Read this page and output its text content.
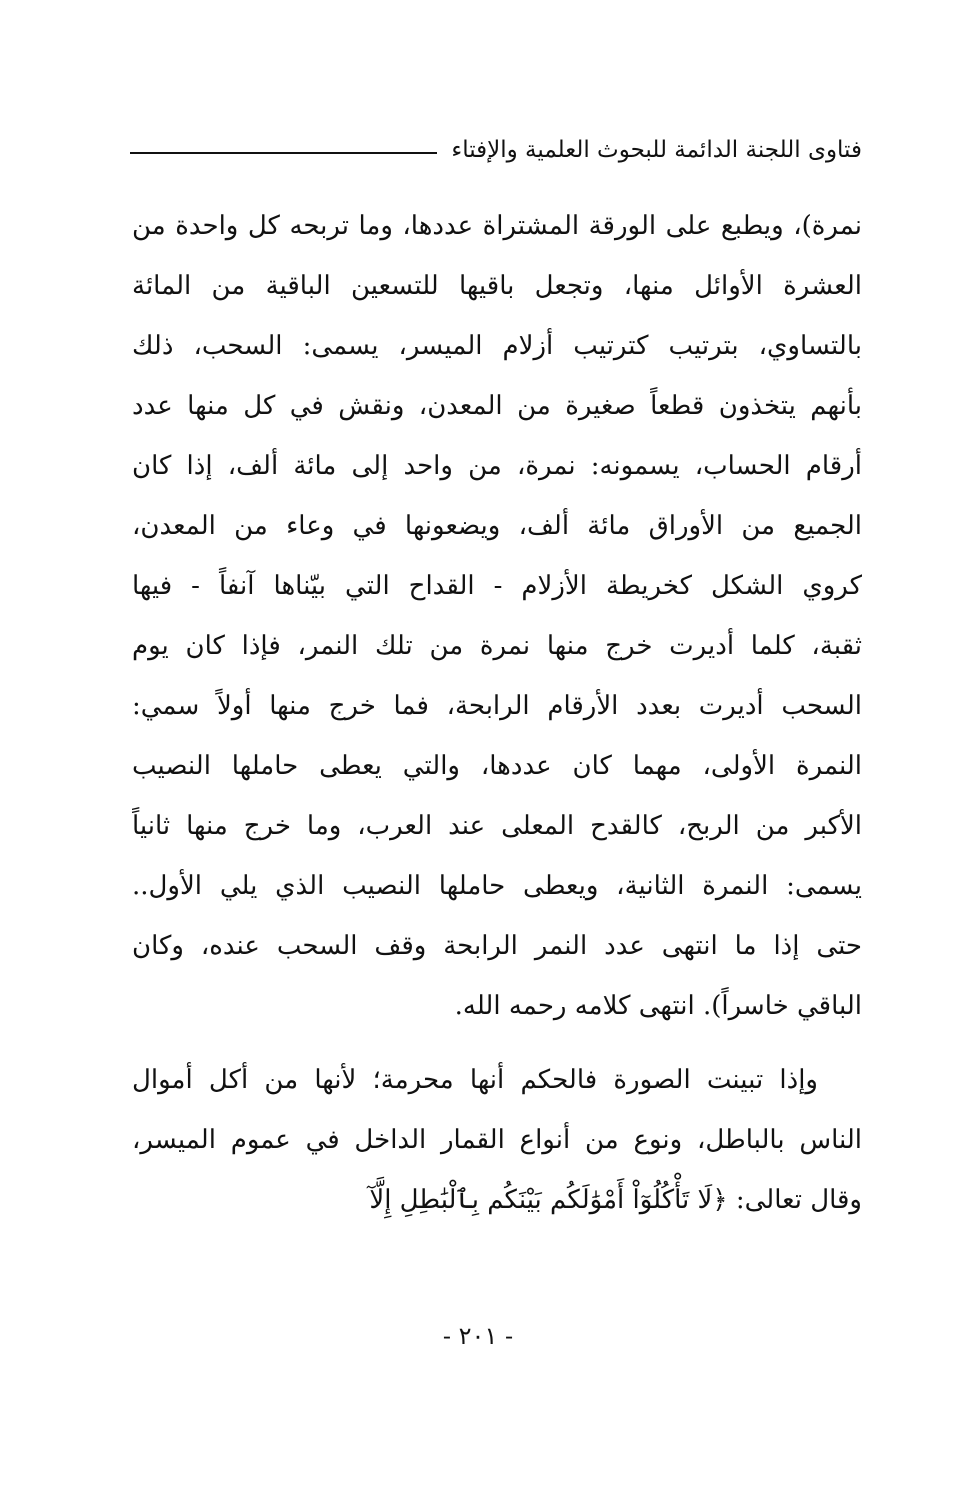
فتاوى اللجنة الدائمة للبحوث العلمية والإفتاء
نمرة)، ويطبع على الورقة المشتراة عددها، وما تربحه كل واحدة من
العشرة الأوائل منها، وتجعل باقيها للتسعين الباقية من المائة
بالتساوي، بترتيب كترتيب أزلام الميسر، يسمى: السحب، ذلك
بأنهم يتخذون قطعاً صغيرة من المعدن، ونقش في كل منها عدد
أرقام الحساب، يسمونه: نمرة، من واحد إلى مائة ألف، إذا كان
الجميع من الأوراق مائة ألف، ويضعونها في وعاء من المعدن،
كروي الشكل كخريطة الأزلام - القداح التي بيّناها آنفاً - فيها
ثقبة، كلما أديرت خرج منها نمرة من تلك النمر، فإذا كان يوم
السحب أديرت بعدد الأرقام الرابحة، فما خرج منها أولاً سمي:
النمرة الأولى، مهما كان عددها، والتي يعطى حاملها النصيب
الأكبر من الربح، كالقدح المعلى عند العرب، وما خرج منها ثانياً
يسمى: النمرة الثانية، ويعطى حاملها النصيب الذي يلي الأول..
حتى إذا ما انتهى عدد النمر الرابحة وقف السحب عنده، وكان
الباقي خاسراً). انتهى كلامه رحمه الله.
وإذا تبينت الصورة فالحكم أنها محرمة؛ لأنها من أكل أموال
الناس بالباطل، ونوع من أنواع القمار الداخل في عموم الميسر،
وقال تعالى: ﴿لَا تَأْكُلُوٓاْ أَمْوَٰلَكُم بَيْنَكُم بِٱلْبَٰطِلِ إِلَّآ
- ٢٠١ -
